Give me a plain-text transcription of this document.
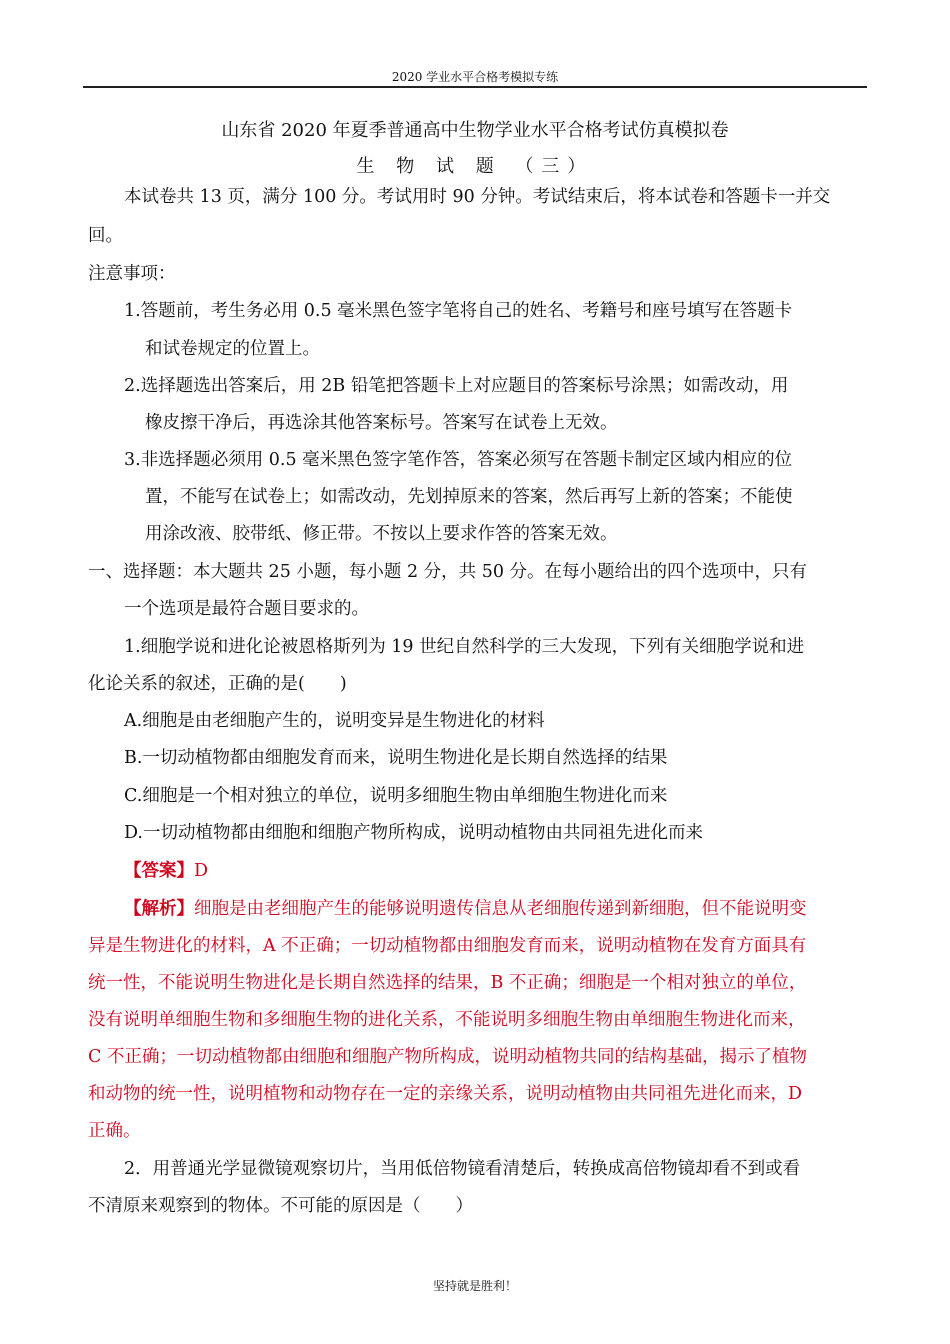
2020 学业水平合格考模拟专练
山东省 2020 年夏季普通高中生物学业水平合格考试仿真模拟卷
生 物 试 题 （三）
本试卷共 13 页，满分 100 分。考试用时 90 分钟。考试结束后，将本试卷和答题卡一并交
回。
注意事项：
1.答题前，考生务必用 0.5 毫米黑色签字笔将自己的姓名、考籍号和座号填写在答题卡
和试卷规定的位置上。
2.选择题选出答案后，用 2B 铅笔把答题卡上对应题目的答案标号涂黑；如需改动，用
橡皮擦干净后，再选涂其他答案标号。答案写在试卷上无效。
3.非选择题必须用 0.5 毫米黑色签字笔作答，答案必须写在答题卡制定区域内相应的位
置，不能写在试卷上；如需改动，先划掉原来的答案，然后再写上新的答案；不能使
用涂改液、胶带纸、修正带。不按以上要求作答的答案无效。
一、选择题：本大题共 25 小题，每小题 2 分，共 50 分。在每小题给出的四个选项中，只有
一个选项是最符合题目要求的。
1.细胞学说和进化论被恩格斯列为 19 世纪自然科学的三大发现，下列有关细胞学说和进
化论关系的叙述，正确的是(　　)
A.细胞是由老细胞产生的，说明变异是生物进化的材料
B.一切动植物都由细胞发育而来，说明生物进化是长期自然选择的结果
C.细胞是一个相对独立的单位，说明多细胞生物由单细胞生物进化而来
D.一切动植物都由细胞和细胞产物所构成，说明动植物由共同祖先进化而来
【答案】D
【解析】细胞是由老细胞产生的能够说明遗传信息从老细胞传递到新细胞，但不能说明变
异是生物进化的材料，A 不正确；一切动植物都由细胞发育而来，说明动植物在发育方面具有
统一性，不能说明生物进化是长期自然选择的结果，B 不正确；细胞是一个相对独立的单位，
没有说明单细胞生物和多细胞生物的进化关系，不能说明多细胞生物由单细胞生物进化而来，
C 不正确；一切动植物都由细胞和细胞产物所构成，说明动植物共同的结构基础，揭示了植物
和动物的统一性，说明植物和动物存在一定的亲缘关系，说明动植物由共同祖先进化而来，D
正确。
2．用普通光学显微镜观察切片，当用低倍物镜看清楚后，转换成高倍物镜却看不到或看
不清原来观察到的物体。不可能的原因是（　　）
坚持就是胜利！
